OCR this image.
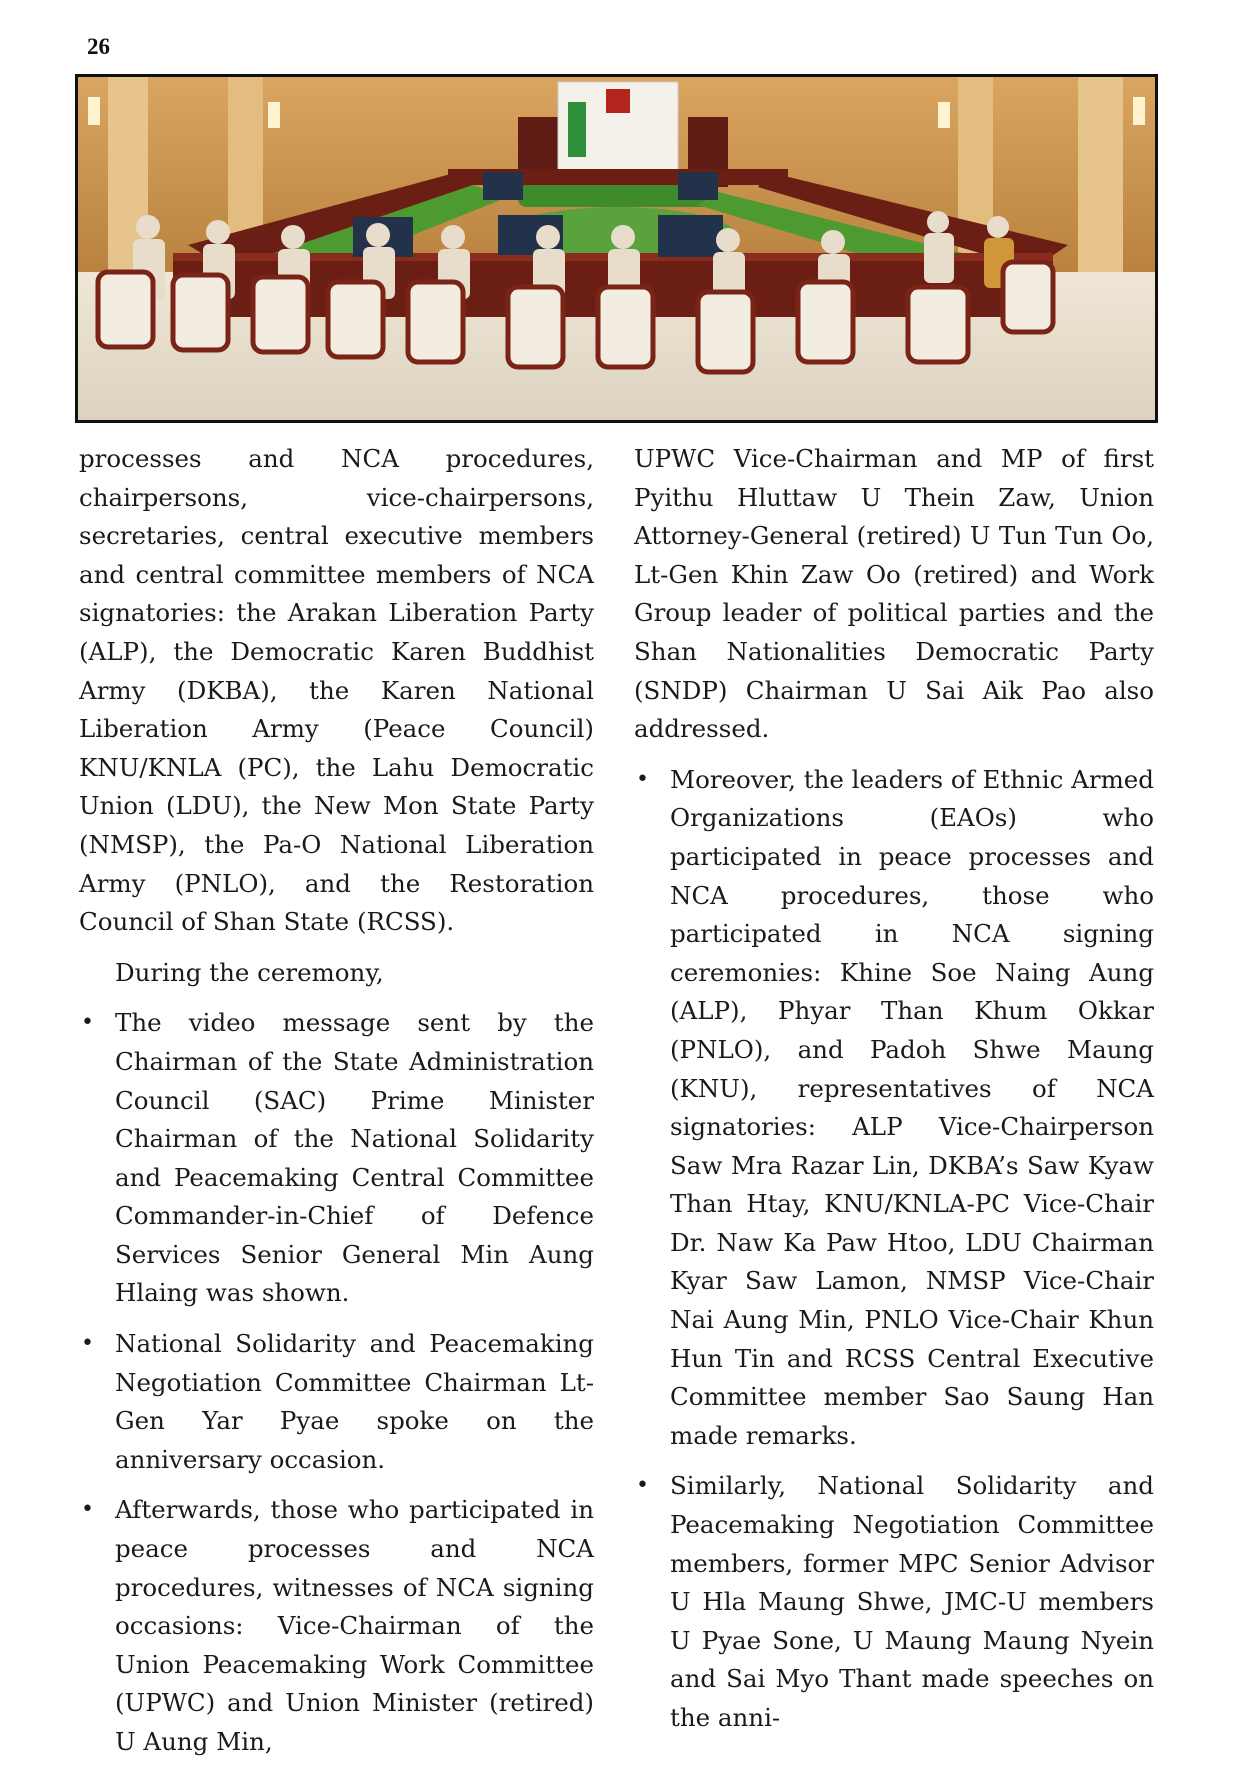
26

processes and NCA procedures, chairpersons, vice-chairpersons, secretaries, central executive members and central committee members of NCA signatories: the Arakan Liberation Party (ALP), the Democratic Karen Buddhist Army (DKBA), the Karen National Liberation Army (Peace Council) KNU/KNLA (PC), the Lahu Democratic Union (LDU), the New Mon State Party (NMSP), the Pa-O National Liberation Army (PNLO), and the Restoration Council of Shan State (RCSS).

During the ceremony,

• The video message sent by the Chairman of the State Administration Council (SAC) Prime Minister Chairman of the National Solidarity and Peacemaking Central Committee Commander-in-Chief of Defence Services Senior General Min Aung Hlaing was shown.
• National Solidarity and Peacemaking Negotiation Committee Chairman Lt-Gen Yar Pyae spoke on the anniversary occasion.
• Afterwards, those who participated in peace processes and NCA procedures, witnesses of NCA signing occasions: Vice-Chairman of the Union Peacemaking Work Committee (UPWC) and Union Minister (retired) U Aung Min,

UPWC Vice-Chairman and MP of first Pyithu Hluttaw U Thein Zaw, Union Attorney-General (retired) U Tun Tun Oo, Lt-Gen Khin Zaw Oo (retired) and Work Group leader of political parties and the Shan Nationalities Democratic Party (SNDP) Chairman U Sai Aik Pao also addressed.

• Moreover, the leaders of Ethnic Armed Organizations (EAOs) who participated in peace processes and NCA procedures, those who participated in NCA signing ceremonies: Khine Soe Naing Aung (ALP), Phyar Than Khum Okkar (PNLO), and Padoh Shwe Maung (KNU), representatives of NCA signatories: ALP Vice-Chairperson Saw Mra Razar Lin, DKBA’s Saw Kyaw Than Htay, KNU/KNLA-PC Vice-Chair Dr. Naw Ka Paw Htoo, LDU Chairman Kyar Saw Lamon, NMSP Vice-Chair Nai Aung Min, PNLO Vice-Chair Khun Hun Tin and RCSS Central Executive Committee member Sao Saung Han made remarks.
• Similarly, National Solidarity and Peacemaking Negotiation Committee members, former MPC Senior Advisor U Hla Maung Shwe, JMC-U members U Pyae Sone, U Maung Maung Nyein and Sai Myo Thant made speeches on the anni-
